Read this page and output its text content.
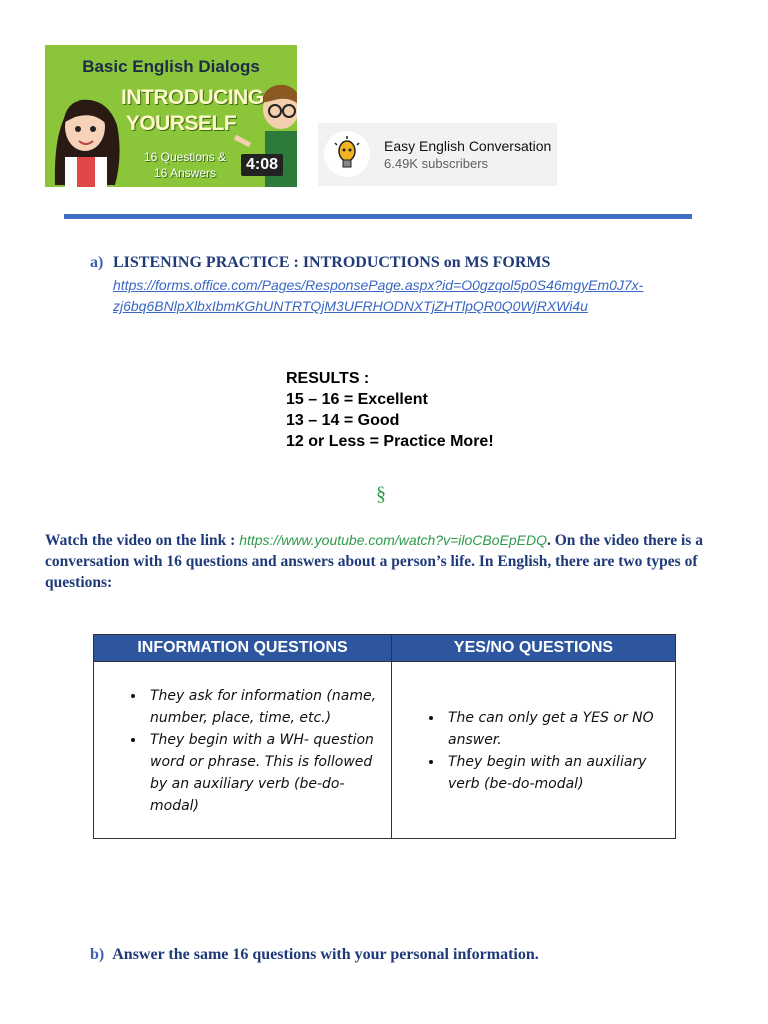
Basic English Dialogs
INTRODUCING
YOURSELF
16 Questions &
16 Answers	4:08
Easy English Conversation
6.49K subscribers
a) LISTENING PRACTICE : INTRODUCTIONS on MS FORMS
https://forms.office.com/Pages/ResponsePage.aspx?id=O0gzqol5p0S46mgyEm0J7x-
zj6bq6BNlpXlbxIbmKGhUNTRTQjM3UFRHODNXTjZHTlpQR0Q0WjRXWi4u
RESULTS :
15 – 16 = Excellent
13 – 14 = Good
12 or Less = Practice More!
§
Watch the video on the link : https://www.youtube.com/watch?v=iloCBoEpEDQ. On the video there is a conversation with 16 questions and answers about a person’s life. In English, there are two types of questions:
INFORMATION QUESTIONS	YES/NO QUESTIONS
• They ask for information (name, number, place, time, etc.)
• They begin with a WH- question word or phrase. This is followed by an auxiliary verb (be-do-modal)
• The can only get a YES or NO answer.
• They begin with an auxiliary verb (be-do-modal)
b) Answer the same 16 questions with your personal information.
